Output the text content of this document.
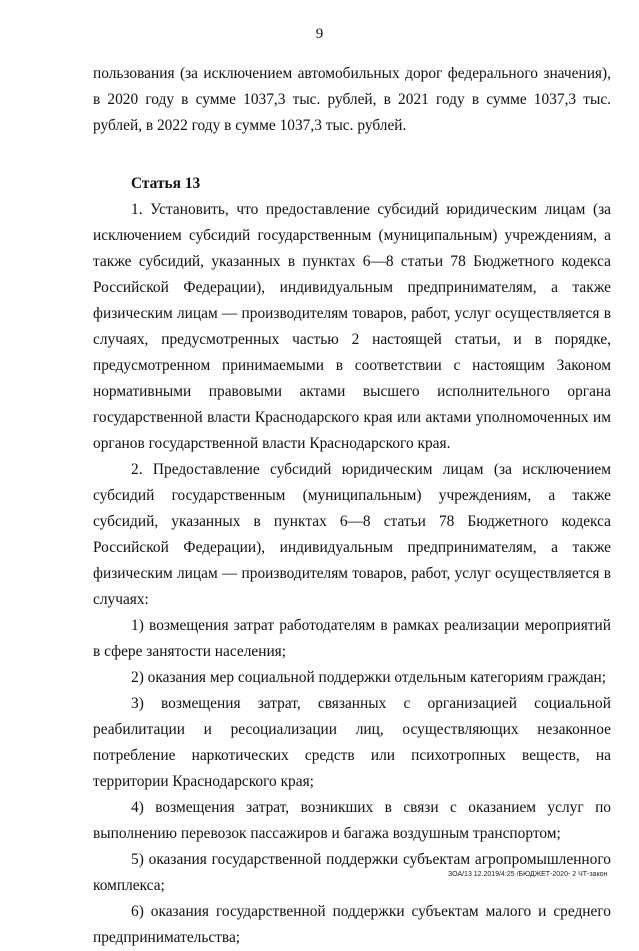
9

пользования (за исключением автомобильных дорог федерального значения), в 2020 году в сумме 1037,3 тыс. рублей, в 2021 году в сумме 1037,3 тыс. рублей, в 2022 году в сумме 1037,3 тыс. рублей.

Статья 13

1. Установить, что предоставление субсидий юридическим лицам (за исключением субсидий государственным (муниципальным) учреждениям, а также субсидий, указанных в пунктах 6—8 статьи 78 Бюджетного кодекса Российской Федерации), индивидуальным предпринимателям, а также физическим лицам — производителям товаров, работ, услуг осуществляется в случаях, предусмотренных частью 2 настоящей статьи, и в порядке, предусмотренном принимаемыми в соответствии с настоящим Законом нормативными правовыми актами высшего исполнительного органа государственной власти Краснодарского края или актами уполномоченных им органов государственной власти Краснодарского края.

2. Предоставление субсидий юридическим лицам (за исключением субсидий государственным (муниципальным) учреждениям, а также субсидий, указанных в пунктах 6—8 статьи 78 Бюджетного кодекса Российской Федерации), индивидуальным предпринимателям, а также физическим лицам — производителям товаров, работ, услуг осуществляется в случаях:

1) возмещения затрат работодателям в рамках реализации мероприятий в сфере занятости населения;

2) оказания мер социальной поддержки отдельным категориям граждан;

3) возмещения затрат, связанных с организацией социальной реабилитации и ресоциализации лиц, осуществляющих незаконное потребление наркотических средств или психотропных веществ, на территории Краснодарского края;

4) возмещения затрат, возникших в связи с оказанием услуг по выполнению перевозок пассажиров и багажа воздушным транспортом;

5) оказания государственной поддержки субъектам агропромышленного комплекса;

6) оказания государственной поддержки субъектам малого и среднего предпринимательства;

ЗОА/13 12.2019/4:25 /БЮДЖЕТ-2020- 2 ЧТ-закон
